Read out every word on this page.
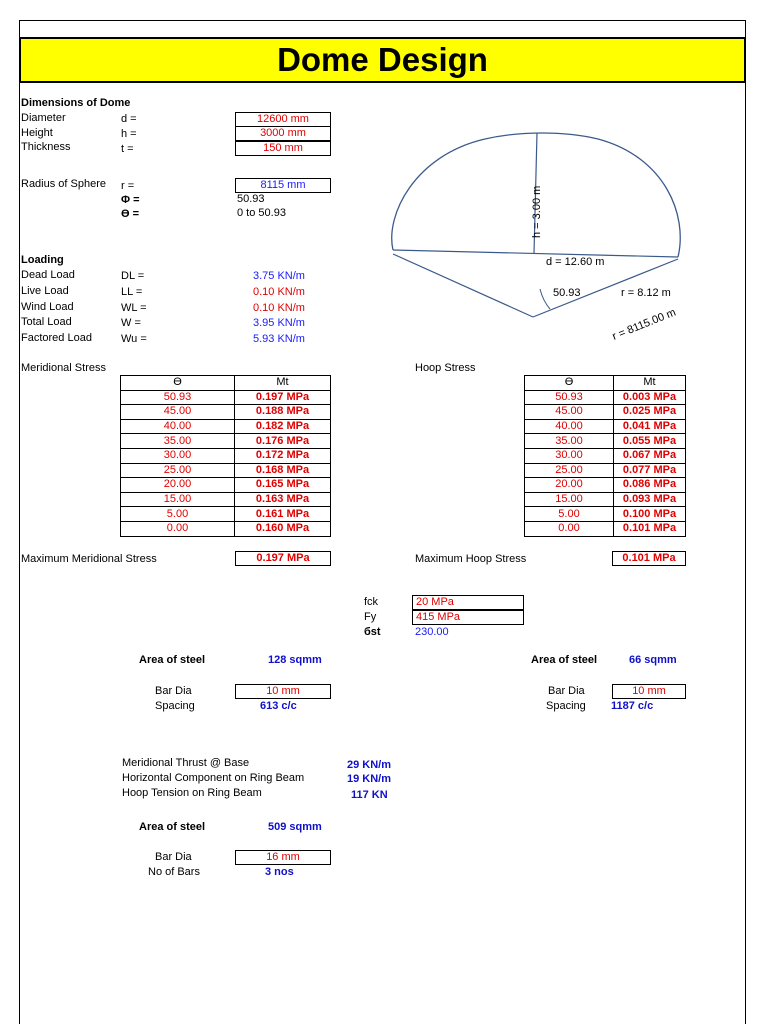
Dome Design
Dimensions of Dome
Diameter	d =	12600 mm
Height	h =	3000 mm
Thickness	t =	150 mm
Radius of Sphere r =	8115 mm
Φ =	50.93
ϴ =	0 to 50.93
Loading
Dead Load	DL =	3.75 KN/m
Live Load	LL =	0.10 KN/m
Wind Load	WL =	0.10 KN/m
Total Load	W =	3.95 KN/m
Factored Load	Wu =	5.93 KN/m
h = 3.00 m
d = 12.60 m
50.93	r = 8.12 m
r = 8115.00 m
Meridional Stress
ϴ	Mt
50.93	0.197 MPa
45.00	0.188 MPa
40.00	0.182 MPa
35.00	0.176 MPa
30.00	0.172 MPa
25.00	0.168 MPa
20.00	0.165 MPa
15.00	0.163 MPa
5.00	0.161 MPa
0.00	0.160 MPa
Maximum Meridional Stress	0.197 MPa
Hoop Stress
ϴ	Mt
50.93	0.003 MPa
45.00	0.025 MPa
40.00	0.041 MPa
35.00	0.055 MPa
30.00	0.067 MPa
25.00	0.077 MPa
20.00	0.086 MPa
15.00	0.093 MPa
5.00	0.100 MPa
0.00	0.101 MPa
Maximum Hoop Stress	0.101 MPa
fck	20 MPa
Fy	415 MPa
бst	230.00
Area of steel	128 sqmm
Bar Dia	10 mm
Spacing	613 c/c
Area of steel	66 sqmm
Bar Dia	10 mm
Spacing 1187 c/c
Meridional Thrust @ Base	29 KN/m
Horizontal Component on Ring Beam	19 KN/m
Hoop Tension on Ring Beam	117 KN
Area of steel	509 sqmm
Bar Dia	16 mm
No of Bars	3 nos
